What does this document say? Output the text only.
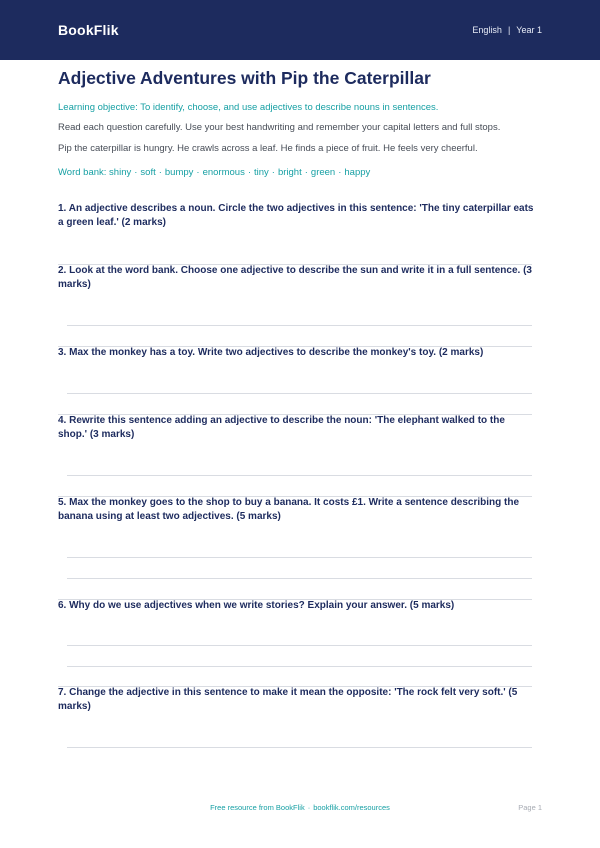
BookFlik	English | Year 1
Adjective Adventures with Pip the Caterpillar
Learning objective: To identify, choose, and use adjectives to describe nouns in sentences.
Read each question carefully. Use your best handwriting and remember your capital letters and full stops.
Pip the caterpillar is hungry. He crawls across a leaf. He finds a piece of fruit. He feels very cheerful.
Word bank: shiny · soft · bumpy · enormous · tiny · bright · green · happy
1. An adjective describes a noun. Circle the two adjectives in this sentence: 'The tiny caterpillar eats a green leaf.' (2 marks)
2. Look at the word bank. Choose one adjective to describe the sun and write it in a full sentence. (3 marks)
3. Max the monkey has a toy. Write two adjectives to describe the monkey's toy. (2 marks)
4. Rewrite this sentence adding an adjective to describe the noun: 'The elephant walked to the shop.' (3 marks)
5. Max the monkey goes to the shop to buy a banana. It costs £1. Write a sentence describing the banana using at least two adjectives. (5 marks)
6. Why do we use adjectives when we write stories? Explain your answer. (5 marks)
7. Change the adjective in this sentence to make it mean the opposite: 'The rock felt very soft.' (5 marks)
Free resource from BookFlik · bookflik.com/resources	Page 1
